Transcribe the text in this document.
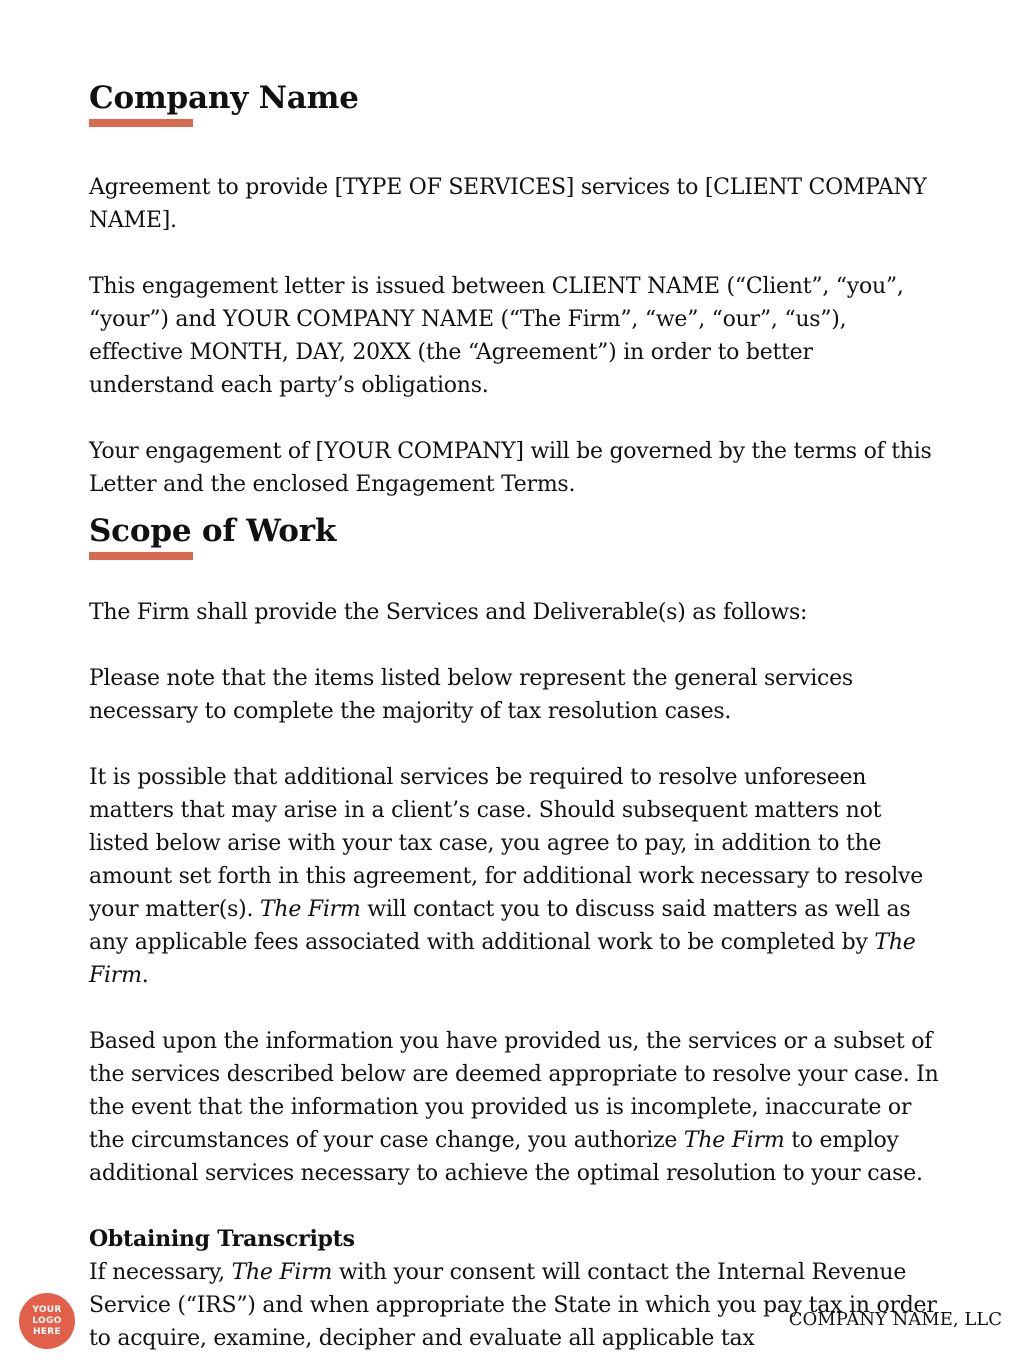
Company Name

Agreement to provide [TYPE OF SERVICES] services to [CLIENT COMPANY NAME].

This engagement letter is issued between CLIENT NAME (“Client”, “you”, “your”) and YOUR COMPANY NAME (“The Firm”, “we”, “our”, “us”), effective MONTH, DAY, 20XX (the “Agreement”) in order to better understand each party’s obligations.

Your engagement of [YOUR COMPANY] will be governed by the terms of this Letter and the enclosed Engagement Terms.

Scope of Work

The Firm shall provide the Services and Deliverable(s) as follows:

Please note that the items listed below represent the general services necessary to complete the majority of tax resolution cases.

It is possible that additional services be required to resolve unforeseen matters that may arise in a client’s case. Should subsequent matters not listed below arise with your tax case, you agree to pay, in addition to the amount set forth in this agreement, for additional work necessary to resolve your matter(s). The Firm will contact you to discuss said matters as well as any applicable fees associated with additional work to be completed by The Firm.

Based upon the information you have provided us, the services or a subset of the services described below are deemed appropriate to resolve your case. In the event that the information you provided us is incomplete, inaccurate or the circumstances of your case change, you authorize The Firm to employ additional services necessary to achieve the optimal resolution to your case.

Obtaining Transcripts

If necessary, The Firm with your consent will contact the Internal Revenue Service (“IRS”) and when appropriate the State in which you pay tax in order to acquire, examine, decipher and evaluate all applicable tax

YOUR
LOGO
HERE
COMPANY NAME, LLC
